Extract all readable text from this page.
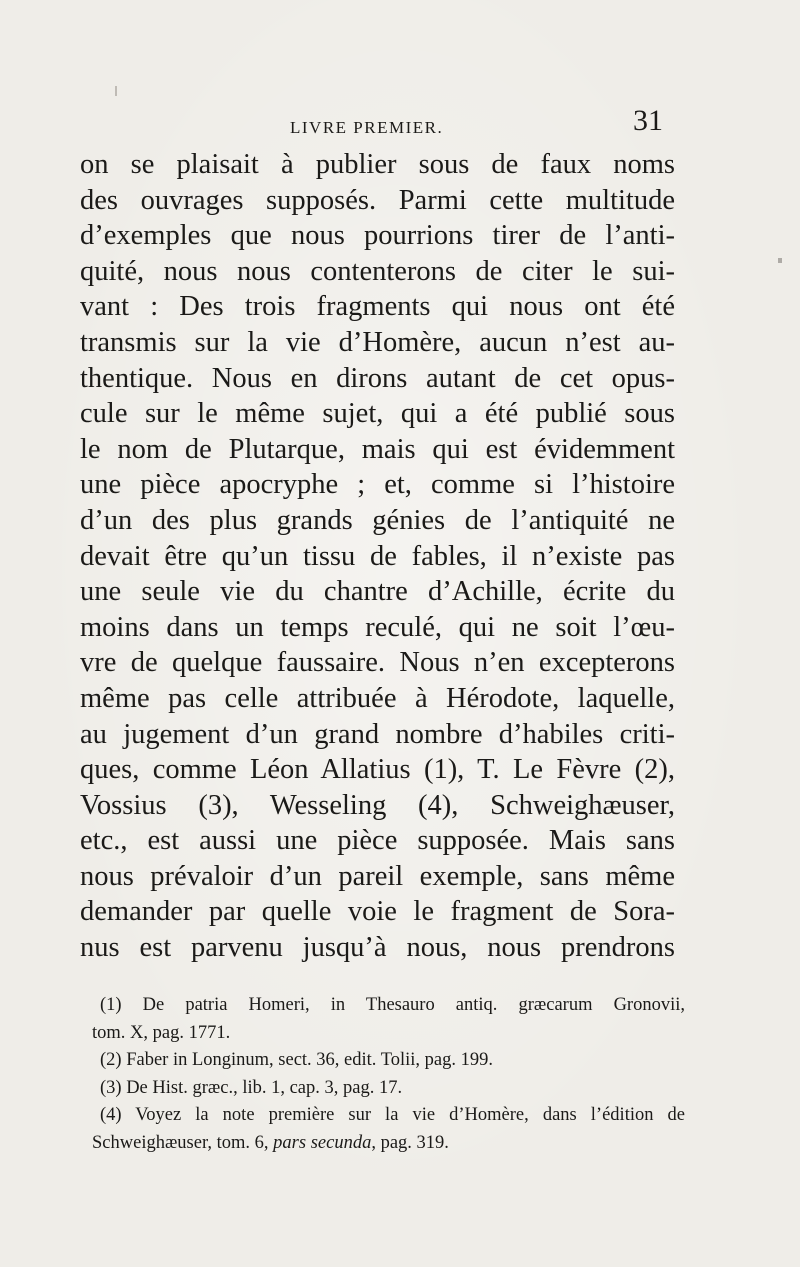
LIVRE PREMIER.	31
on se plaisait à publier sous de faux noms
des ouvrages supposés. Parmi cette multitude
d’exemples que nous pourrions tirer de l’anti-
quité, nous nous contenterons de citer le sui-
vant : Des trois fragments qui nous ont été
transmis sur la vie d’Homère, aucun n’est au-
thentique. Nous en dirons autant de cet opus-
cule sur le même sujet, qui a été publié sous
le nom de Plutarque, mais qui est évidemment
une pièce apocryphe ; et, comme si l’histoire
d’un des plus grands génies de l’antiquité ne
devait être qu’un tissu de fables, il n’existe pas
une seule vie du chantre d’Achille, écrite du
moins dans un temps reculé, qui ne soit l’œu-
vre de quelque faussaire. Nous n’en excepterons
même pas celle attribuée à Hérodote, laquelle,
au jugement d’un grand nombre d’habiles criti-
ques, comme Léon Allatius (1), T. Le Fèvre (2),
Vossius (3), Wesseling (4), Schweighæuser,
etc., est aussi une pièce supposée. Mais sans
nous prévaloir d’un pareil exemple, sans même
demander par quelle voie le fragment de Sora-
nus est parvenu jusqu’à nous, nous prendrons
(1) De patria Homeri, in Thesauro antiq. græcarum Gronovii,
tom. X, pag. 1771.
(2) Faber in Longinum, sect. 36, edit. Tolii, pag. 199.
(3) De Hist. græc., lib. 1, cap. 3, pag. 17.
(4) Voyez la note première sur la vie d’Homère, dans l’édition de
Schweighæuser, tom. 6, pars secunda, pag. 319.
